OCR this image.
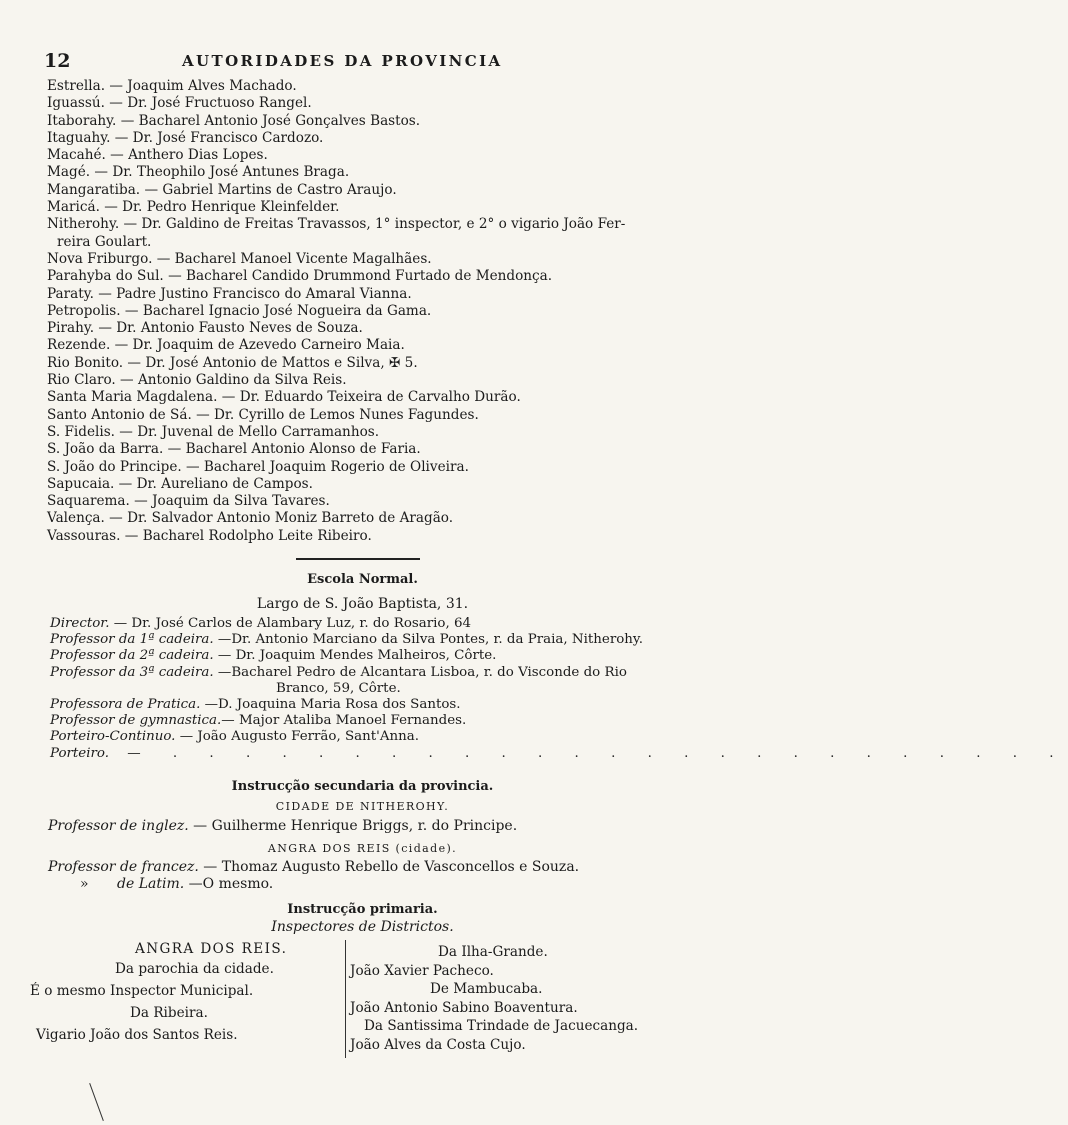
12	AUTORIDADES DA PROVINCIA
Estrella. — Joaquim Alves Machado.
Iguassú. — Dr. José Fructuoso Rangel.
Itaborahy. — Bacharel Antonio José Gonçalves Bastos.
Itaguahy. — Dr. José Francisco Cardozo.
Macahé. — Anthero Dias Lopes.
Magé. — Dr. Theophilo José Antunes Braga.
Mangaratiba. — Gabriel Martins de Castro Araujo.
Maricá. — Dr. Pedro Henrique Kleinfelder.
Nitherohy. — Dr. Galdino de Freitas Travassos, 1° inspector, e 2° o vigario João Fer-
reira Goulart.
Nova Friburgo. — Bacharel Manoel Vicente Magalhães.
Parahyba do Sul. — Bacharel Candido Drummond Furtado de Mendonça.
Paraty. — Padre Justino Francisco do Amaral Vianna.
Petropolis. — Bacharel Ignacio José Nogueira da Gama.
Pirahy. — Dr. Antonio Fausto Neves de Souza.
Rezende. — Dr. Joaquim de Azevedo Carneiro Maia.
Rio Bonito. — Dr. José Antonio de Mattos e Silva, ✠ 5.
Rio Claro. — Antonio Galdino da Silva Reis.
Santa Maria Magdalena. — Dr. Eduardo Teixeira de Carvalho Durão.
Santo Antonio de Sá. — Dr. Cyrillo de Lemos Nunes Fagundes.
S. Fidelis. — Dr. Juvenal de Mello Carramanhos.
S. João da Barra. — Bacharel Antonio Alonso de Faria.
S. João do Principe. — Bacharel Joaquim Rogerio de Oliveira.
Sapucaia. — Dr. Aureliano de Campos.
Saquarema. — Joaquim da Silva Tavares.
Valença. — Dr. Salvador Antonio Moniz Barreto de Aragão.
Vassouras. — Bacharel Rodolpho Leite Ribeiro.
Escola Normal.
Largo de S. João Baptista, 31.
Director. — Dr. José Carlos de Alambary Luz, r. do Rosario, 64
Professor da 1ª cadeira. —Dr. Antonio Marciano da Silva Pontes, r. da Praia, Nitherohy.
Professor da 2ª cadeira. — Dr. Joaquim Mendes Malheiros, Côrte.
Professor da 3ª cadeira. —Bacharel Pedro de Alcantara Lisboa, r. do Visconde do Rio
Branco, 59, Côrte.
Professora de Pratica. —D. Joaquina Maria Rosa dos Santos.
Professor de gymnastica.— Major Ataliba Manoel Fernandes.
Porteiro-Continuo. — João Augusto Ferrão, Sant'Anna.
Porteiro. — . . . . . . . . . . . . . . . . . . . . . . . . .
Instrucção secundaria da provincia.
CIDADE DE NITHEROHY.
Professor de inglez. — Guilherme Henrique Briggs, r. do Principe.
ANGRA DOS REIS (cidade).
Professor de francez. — Thomaz Augusto Rebello de Vasconcellos e Souza.
» de Latim. —O mesmo.
Instrucção primaria.
Inspectores de Districtos.
ANGRA DOS REIS.
Da parochia da cidade.
É o mesmo Inspector Municipal.
Da Ribeira.
Vigario João dos Santos Reis.
Da Ilha-Grande.
João Xavier Pacheco.
De Mambucaba.
João Antonio Sabino Boaventura.
Da Santissima Trindade de Jacuecanga.
João Alves da Costa Cujo.
